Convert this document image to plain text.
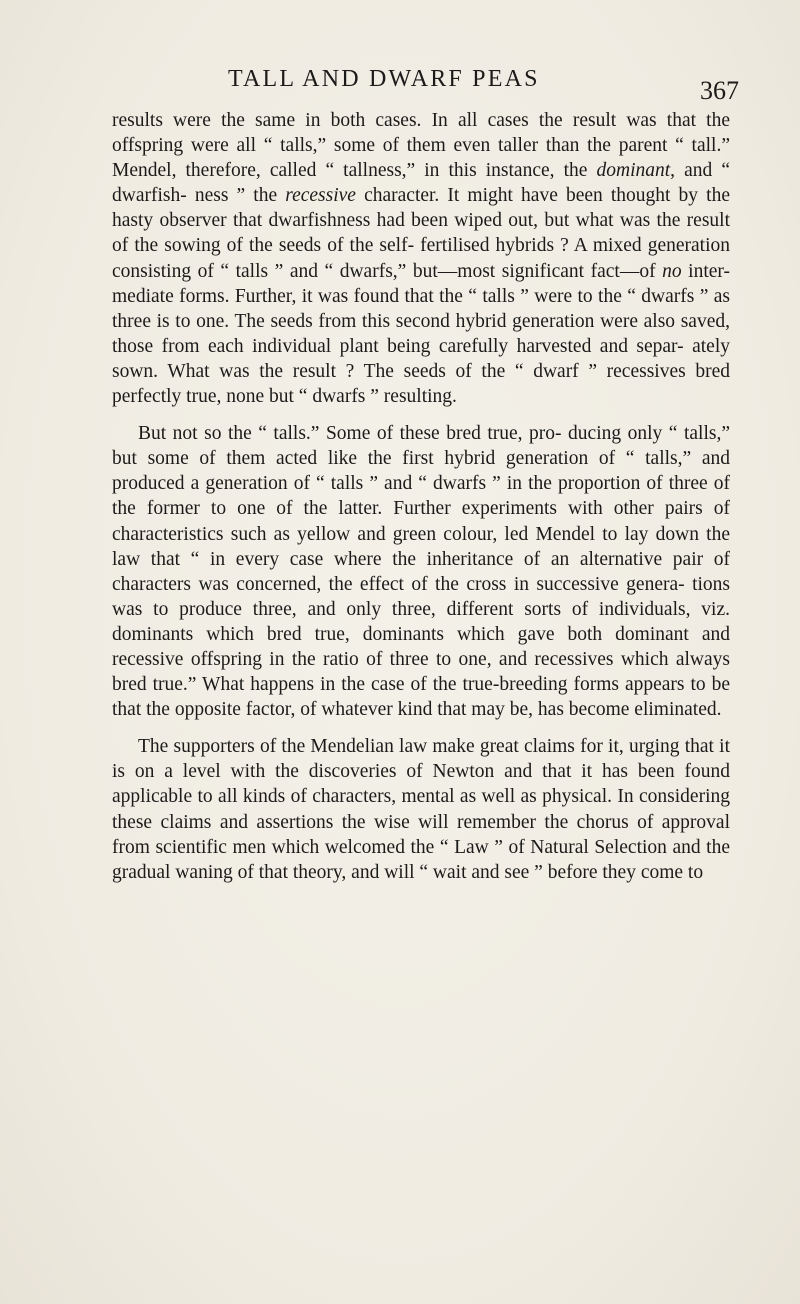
TALL AND DWARF PEAS	367

results were the same in both cases. In all cases the result was that the offspring were all “ talls,” some of them even taller than the parent “ tall.” Mendel, therefore, called “ tallness,” in this instance, the dominant, and “ dwarfish- ness ” the recessive character. It might have been thought by the hasty observer that dwarfishness had been wiped out, but what was the result of the sowing of the seeds of the self- fertilised hybrids ? A mixed generation consisting of “ talls ” and “ dwarfs,” but—most significant fact—of no inter- mediate forms. Further, it was found that the “ talls ” were to the “ dwarfs ” as three is to one. The seeds from this second hybrid generation were also saved, those from each individual plant being carefully harvested and separ- ately sown. What was the result ? The seeds of the “ dwarf ” recessives bred perfectly true, none but “ dwarfs ” resulting.

But not so the “ talls.” Some of these bred true, pro- ducing only “ talls,” but some of them acted like the first hybrid generation of “ talls,” and produced a generation of “ talls ” and “ dwarfs ” in the proportion of three of the former to one of the latter. Further experiments with other pairs of characteristics such as yellow and green colour, led Mendel to lay down the law that “ in every case where the inheritance of an alternative pair of characters was concerned, the effect of the cross in successive genera- tions was to produce three, and only three, different sorts of individuals, viz. dominants which bred true, dominants which gave both dominant and recessive offspring in the ratio of three to one, and recessives which always bred true.” What happens in the case of the true-breeding forms appears to be that the opposite factor, of whatever kind that may be, has become eliminated.

The supporters of the Mendelian law make great claims for it, urging that it is on a level with the discoveries of Newton and that it has been found applicable to all kinds of characters, mental as well as physical. In considering these claims and assertions the wise will remember the chorus of approval from scientific men which welcomed the “ Law ” of Natural Selection and the gradual waning of that theory, and will “ wait and see ” before they come to
